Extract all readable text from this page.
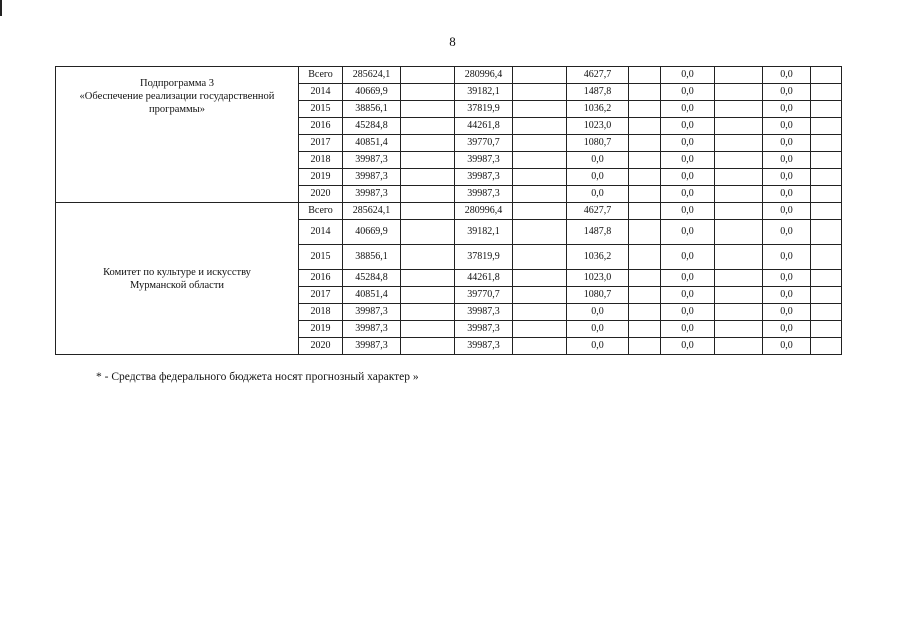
8
Подпрограмма 3
«Обеспечение реализации государственной
программы»	Всего	285624,1		280996,4		4627,7		0,0		0,0	
	2014	40669,9		39182,1		1487,8		0,0		0,0	
	2015	38856,1		37819,9		1036,2		0,0		0,0	
	2016	45284,8		44261,8		1023,0		0,0		0,0	
	2017	40851,4		39770,7		1080,7		0,0		0,0	
	2018	39987,3		39987,3		0,0		0,0		0,0	
	2019	39987,3		39987,3		0,0		0,0		0,0	
	2020	39987,3		39987,3		0,0		0,0		0,0	

Комитет по культуре и искусству
Мурманской области	Всего	285624,1		280996,4		4627,7		0,0		0,0	
	2014	40669,9		39182,1		1487,8		0,0		0,0	
	2015	38856,1		37819,9		1036,2		0,0		0,0	
	2016	45284,8		44261,8		1023,0		0,0		0,0	
	2017	40851,4		39770,7		1080,7		0,0		0,0	
	2018	39987,3		39987,3		0,0		0,0		0,0	
	2019	39987,3		39987,3		0,0		0,0		0,0	
	2020	39987,3		39987,3		0,0		0,0		0,0	
* - Средства федерального бюджета носят прогнозный характер »
